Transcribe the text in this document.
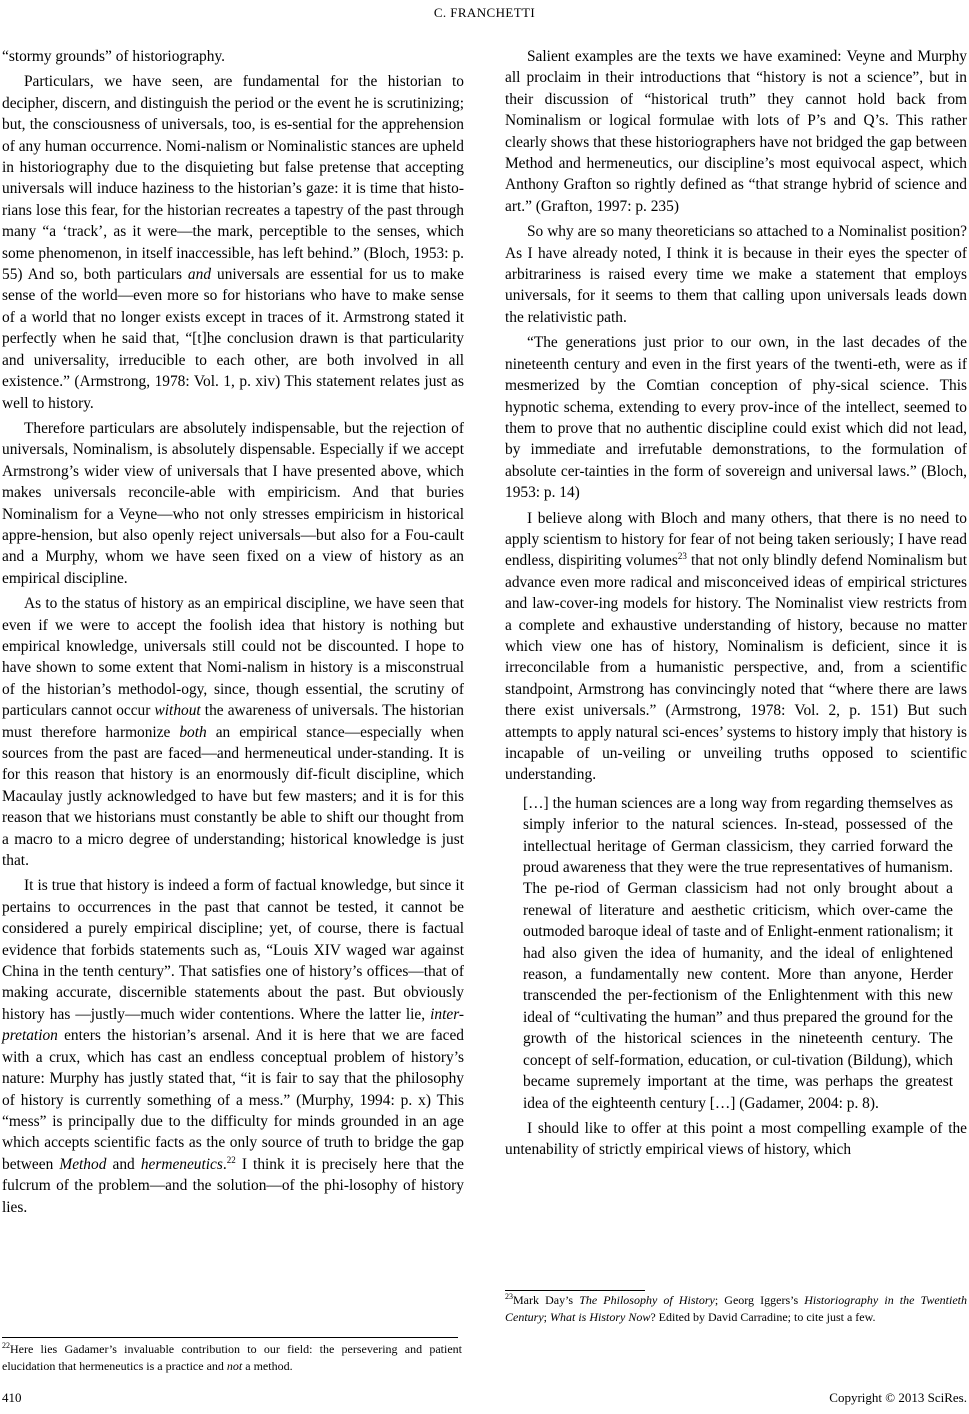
C. FRANCHETTI

“stormy grounds” of historiography.

Particulars, we have seen, are fundamental for the historian to decipher, discern, and distinguish the period or the event he is scrutinizing; but, the consciousness of universals, too, is es-sential for the apprehension of any human occurrence. Nomi-nalism or Nominalistic stances are upheld in historiography due to the disquieting but false pretense that accepting universals will induce haziness to the historian’s gaze: it is time that histo-rians lose this fear, for the historian recreates a tapestry of the past through many “a ‘track’, as it were—the mark, perceptible to the senses, which some phenomenon, in itself inaccessible, has left behind.” (Bloch, 1953: p. 55) And so, both particulars and universals are essential for us to make sense of the world—even more so for historians who have to make sense of a world that no longer exists except in traces of it. Armstrong stated it perfectly when he said that, “[t]he conclusion drawn is that particularity and universality, irreducible to each other, are both involved in all existence.” (Armstrong, 1978: Vol. 1, p. xiv) This statement relates just as well to history.

Therefore particulars are absolutely indispensable, but the rejection of universals, Nominalism, is absolutely dispensable. Especially if we accept Armstrong’s wider view of universals that I have presented above, which makes universals reconcile-able with empiricism. And that buries Nominalism for a Veyne—who not only stresses empiricism in historical appre-hension, but also openly reject universals—but also for a Fou-cault and a Murphy, whom we have seen fixed on a view of history as an empirical discipline.

As to the status of history as an empirical discipline, we have seen that even if we were to accept the foolish idea that history is nothing but empirical knowledge, universals still could not be discounted. I hope to have shown to some extent that Nomi-nalism in history is a misconstrual of the historian’s methodol-ogy, since, though essential, the scrutiny of particulars cannot occur without the awareness of universals. The historian must therefore harmonize both an empirical stance—especially when sources from the past are faced—and hermeneutical under-standing. It is for this reason that history is an enormously dif-ficult discipline, which Macaulay justly acknowledged to have but few masters; and it is for this reason that we historians must constantly be able to shift our thought from a macro to a micro degree of understanding; historical knowledge is just that.

It is true that history is indeed a form of factual knowledge, but since it pertains to occurrences in the past that cannot be tested, it cannot be considered a purely empirical discipline; yet, of course, there is factual evidence that forbids statements such as, “Louis XIV waged war against China in the tenth century”. That satisfies one of history’s offices—that of making accurate, discernible statements about the past. But obviously history has —justly—much wider contentions. Where the latter lie, inter-pretation enters the historian’s arsenal. And it is here that we are faced with a crux, which has cast an endless conceptual problem of history’s nature: Murphy has justly stated that, “it is fair to say that the philosophy of history is currently something of a mess.” (Murphy, 1994: p. x) This “mess” is principally due to the difficulty for minds grounded in an age which accepts scientific facts as the only source of truth to bridge the gap between Method and hermeneutics.$^{22}$ I think it is precisely here that the fulcrum of the problem—and the solution—of the phi-losophy of history lies.

Salient examples are the texts we have examined: Veyne and Murphy all proclaim in their introductions that “history is not a science”, but in their discussion of “historical truth” they cannot hold back from Nominalism or logical formulae with lots of P’s and Q’s. This rather clearly shows that these historiographers have not bridged the gap between Method and hermeneutics, our discipline’s most equivocal aspect, which Anthony Grafton so rightly defined as “that strange hybrid of science and art.” (Grafton, 1997: p. 235)

So why are so many theoreticians so attached to a Nominalist position? As I have already noted, I think it is because in their eyes the specter of arbitrariness is raised every time we make a statement that employs universals, for it seems to them that calling upon universals leads down the relativistic path.

“The generations just prior to our own, in the last decades of the nineteenth century and even in the first years of the twenti-eth, were as if mesmerized by the Comtian conception of phy-sical science. This hypnotic schema, extending to every prov-ince of the intellect, seemed to them to prove that no authentic discipline could exist which did not lead, by immediate and irrefutable demonstrations, to the formulation of absolute cer-tainties in the form of sovereign and universal laws.” (Bloch, 1953: p. 14)

I believe along with Bloch and many others, that there is no need to apply scientism to history for fear of not being taken seriously; I have read endless, dispiriting volumes$^{23}$ that not only blindly defend Nominalism but advance even more radical and misconceived ideas of empirical strictures and law-cover-ing models for history. The Nominalist view restricts from a complete and exhaustive understanding of history, because no matter which view one has of history, Nominalism is deficient, since it is irreconcilable from a humanistic perspective, and, from a scientific standpoint, Armstrong has convincingly noted that “where there are laws there exist universals.” (Armstrong, 1978: Vol. 2, p. 151) But such attempts to apply natural sci-ences’ systems to history imply that history is incapable of un-veiling or unveiling truths opposed to scientific understanding.

[…] the human sciences are a long way from regarding themselves as simply inferior to the natural sciences. In-stead, possessed of the intellectual heritage of German classicism, they carried forward the proud awareness that they were the true representatives of humanism. The pe-riod of German classicism had not only brought about a renewal of literature and aesthetic criticism, which over-came the outmoded baroque ideal of taste and of Enlight-enment rationalism; it had also given the idea of humanity, and the ideal of enlightened reason, a fundamentally new content. More than anyone, Herder transcended the per-fectionism of the Enlightenment with this new ideal of “cultivating the human” and thus prepared the ground for the growth of the historical sciences in the nineteenth century. The concept of self-formation, education, or cul-tivation (Bildung), which became supremely important at the time, was perhaps the greatest idea of the eighteenth century […] (Gadamer, 2004: p. 8).

I should like to offer at this point a most compelling example of the untenability of strictly empirical views of history, which

$^{22}$Here lies Gadamer’s invaluable contribution to our field: the persevering and patient elucidation that hermeneutics is a practice and not a method.
$^{23}$Mark Day’s The Philosophy of History; Georg Iggers’s Historiography in the Twentieth Century; What is History Now? Edited by David Carradine; to cite just a few.
410	Copyright © 2013 SciRes.
